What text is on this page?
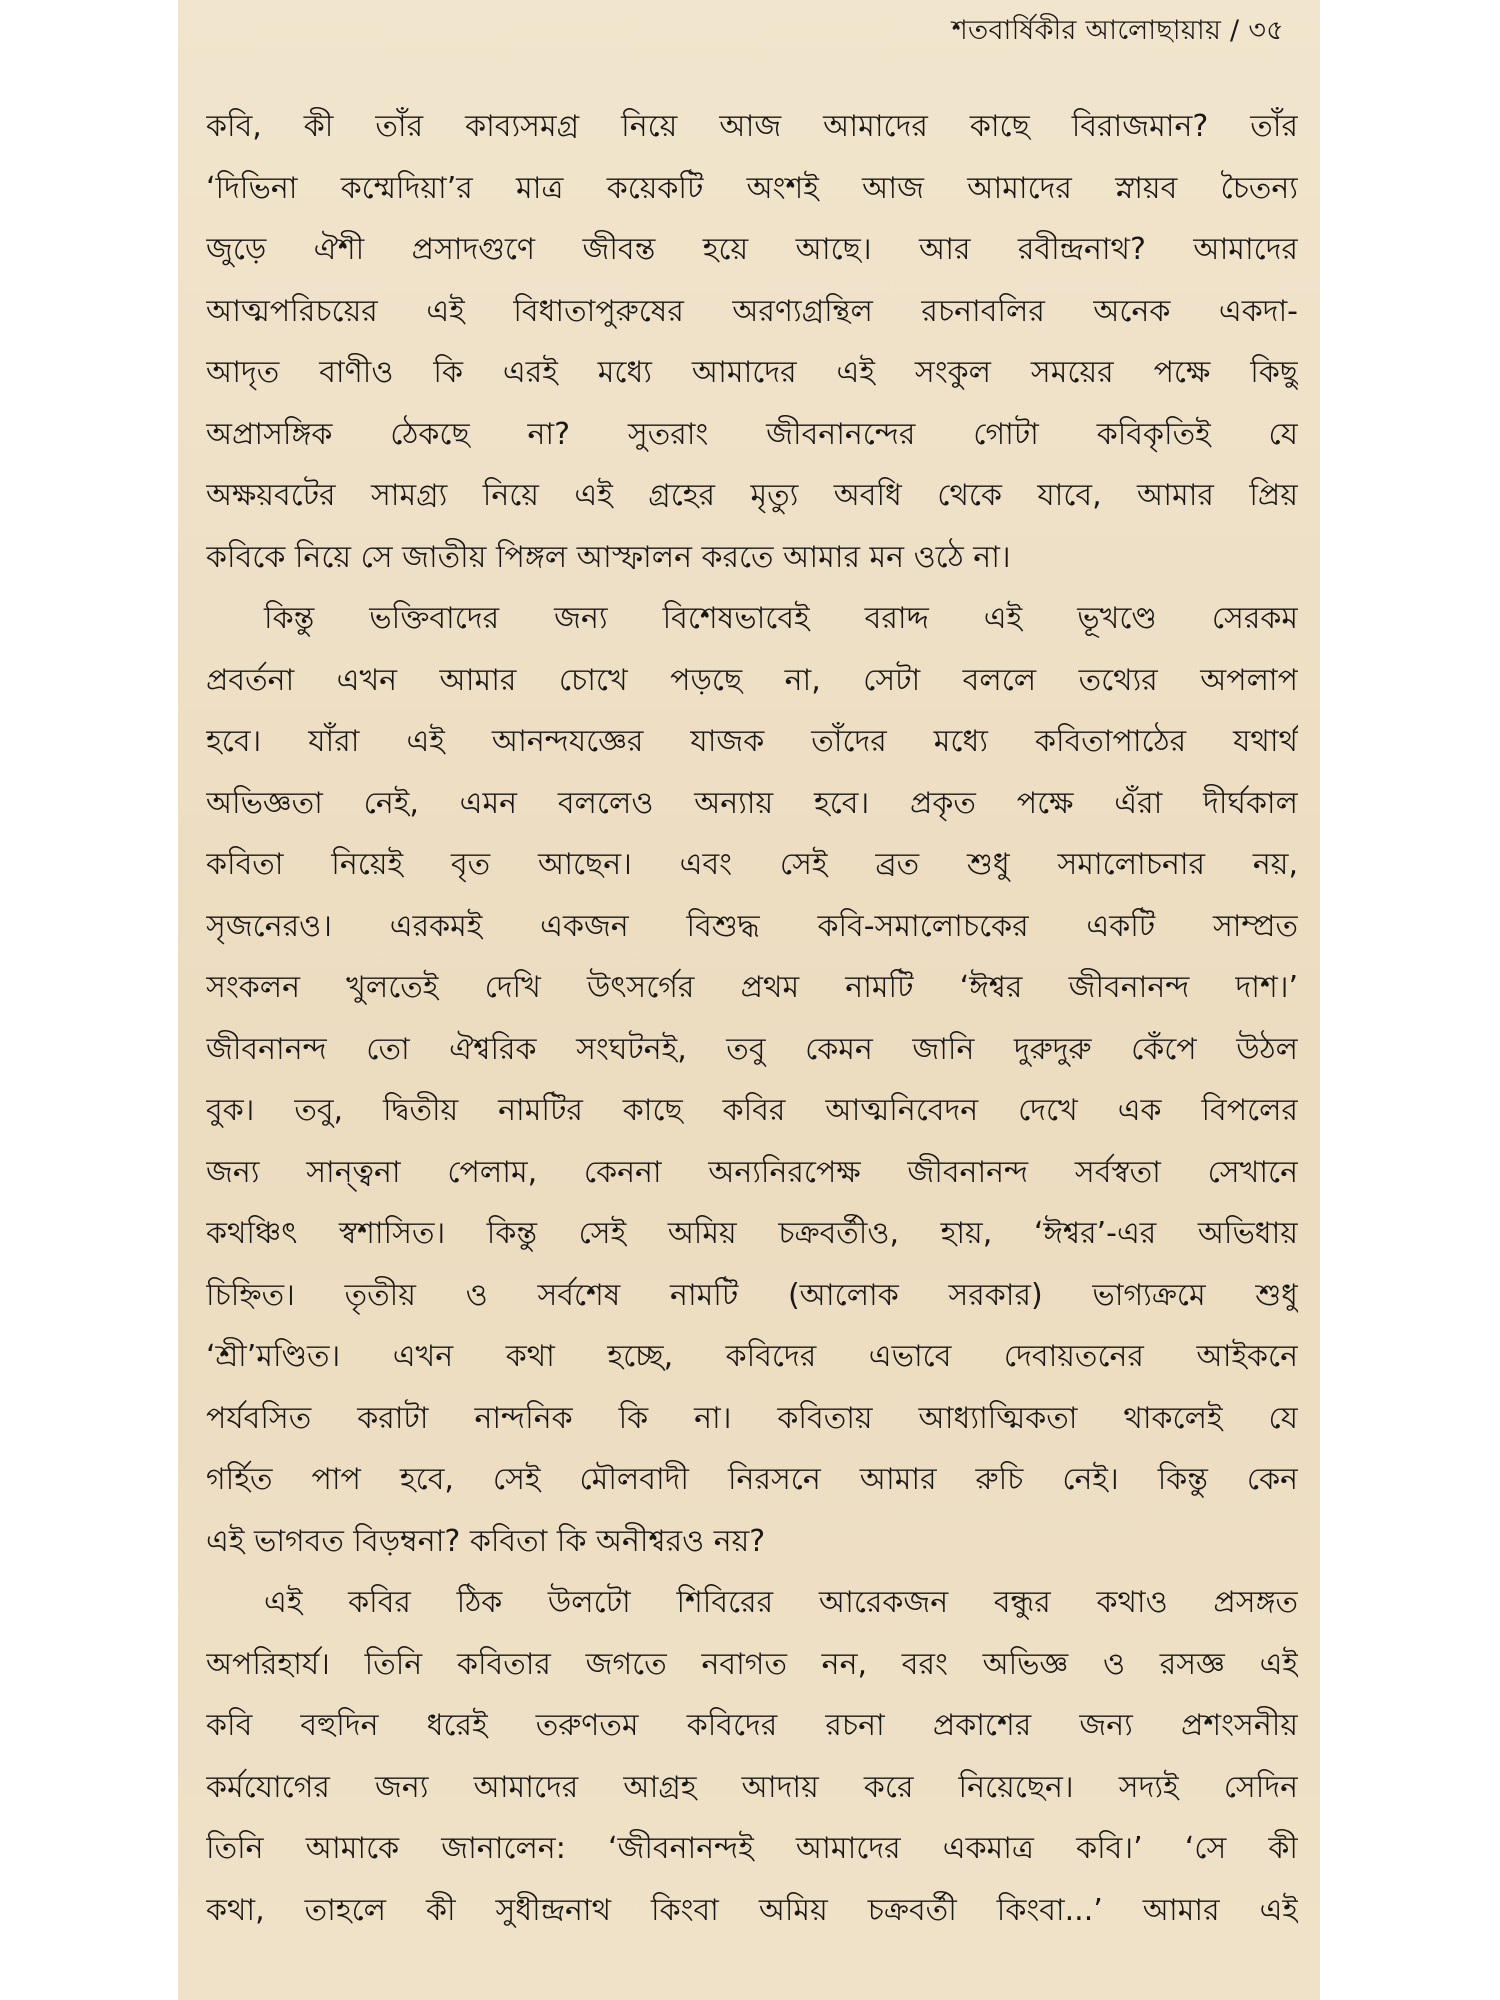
শতবার্ষিকীর আলোছায়ায় / ৩৫
কবি, কী তাঁর কাব্যসমগ্র নিয়ে আজ আমাদের কাছে বিরাজমান? তাঁর
‘দিভিনা কম্মেদিয়া’র মাত্র কয়েকটি অংশই আজ আমাদের স্নায়ব চৈতন্য
জুড়ে ঐশী প্রসাদগুণে জীবন্ত হয়ে আছে। আর রবীন্দ্রনাথ? আমাদের
আত্মপরিচয়ের এই বিধাতাপুরুষের অরণ্যগ্রন্থিল রচনাবলির অনেক একদা-
আদৃত বাণীও কি এরই মধ্যে আমাদের এই সংকুল সময়ের পক্ষে কিছু
অপ্রাসঙ্গিক ঠেকছে না? সুতরাং জীবনানন্দের গোটা কবিকৃতিই যে
অক্ষয়বটের সামগ্র্য নিয়ে এই গ্রহের মৃত্যু অবধি থেকে যাবে, আমার প্রিয়
কবিকে নিয়ে সে জাতীয় পিঙ্গল আস্ফালন করতে আমার মন ওঠে না।
কিন্তু ভক্তিবাদের জন্য বিশেষভাবেই বরাদ্দ এই ভূখণ্ডে সেরকম
প্রবর্তনা এখন আমার চোখে পড়ছে না, সেটা বললে তথ্যের অপলাপ
হবে। যাঁরা এই আনন্দযজ্ঞের যাজক তাঁদের মধ্যে কবিতাপাঠের যথার্থ
অভিজ্ঞতা নেই, এমন বললেও অন্যায় হবে। প্রকৃত পক্ষে এঁরা দীর্ঘকাল
কবিতা নিয়েই বৃত আছেন। এবং সেই ব্রত শুধু সমালোচনার নয়,
সৃজনেরও। এরকমই একজন বিশুদ্ধ কবি-সমালোচকের একটি সাম্প্রত
সংকলন খুলতেই দেখি উৎসর্গের প্রথম নামটি ‘ঈশ্বর জীবনানন্দ দাশ।’
জীবনানন্দ তো ঐশ্বরিক সংঘটনই, তবু কেমন জানি দুরুদুরু কেঁপে উঠল
বুক। তবু, দ্বিতীয় নামটির কাছে কবির আত্মনিবেদন দেখে এক বিপলের
জন্য সান্ত্বনা পেলাম, কেননা অন্যনিরপেক্ষ জীবনানন্দ সর্বস্বতা সেখানে
কথঞ্চিৎ স্বশাসিত। কিন্তু সেই অমিয় চক্রবর্তীও, হায়, ‘ঈশ্বর’-এর অভিধায়
চিহ্নিত। তৃতীয় ও সর্বশেষ নামটি (আলোক সরকার) ভাগ্যক্রমে শুধু
‘শ্রী’মণ্ডিত। এখন কথা হচ্ছে, কবিদের এভাবে দেবায়তনের আইকনে
পর্যবসিত করাটা নান্দনিক কি না। কবিতায় আধ্যাত্মিকতা থাকলেই যে
গর্হিত পাপ হবে, সেই মৌলবাদী নিরসনে আমার রুচি নেই। কিন্তু কেন
এই ভাগবত বিড়ম্বনা? কবিতা কি অনীশ্বরও নয়?
এই কবির ঠিক উলটো শিবিরের আরেকজন বন্ধুর কথাও প্রসঙ্গত
অপরিহার্য। তিনি কবিতার জগতে নবাগত নন, বরং অভিজ্ঞ ও রসজ্ঞ এই
কবি বহুদিন ধরেই তরুণতম কবিদের রচনা প্রকাশের জন্য প্রশংসনীয়
কর্মযোগের জন্য আমাদের আগ্রহ আদায় করে নিয়েছেন। সদ্যই সেদিন
তিনি আমাকে জানালেন: ‘জীবনানন্দই আমাদের একমাত্র কবি।’ ‘সে কী
কথা, তাহলে কী সুধীন্দ্রনাথ কিংবা অমিয় চক্রবর্তী কিংবা...’ আমার এই
